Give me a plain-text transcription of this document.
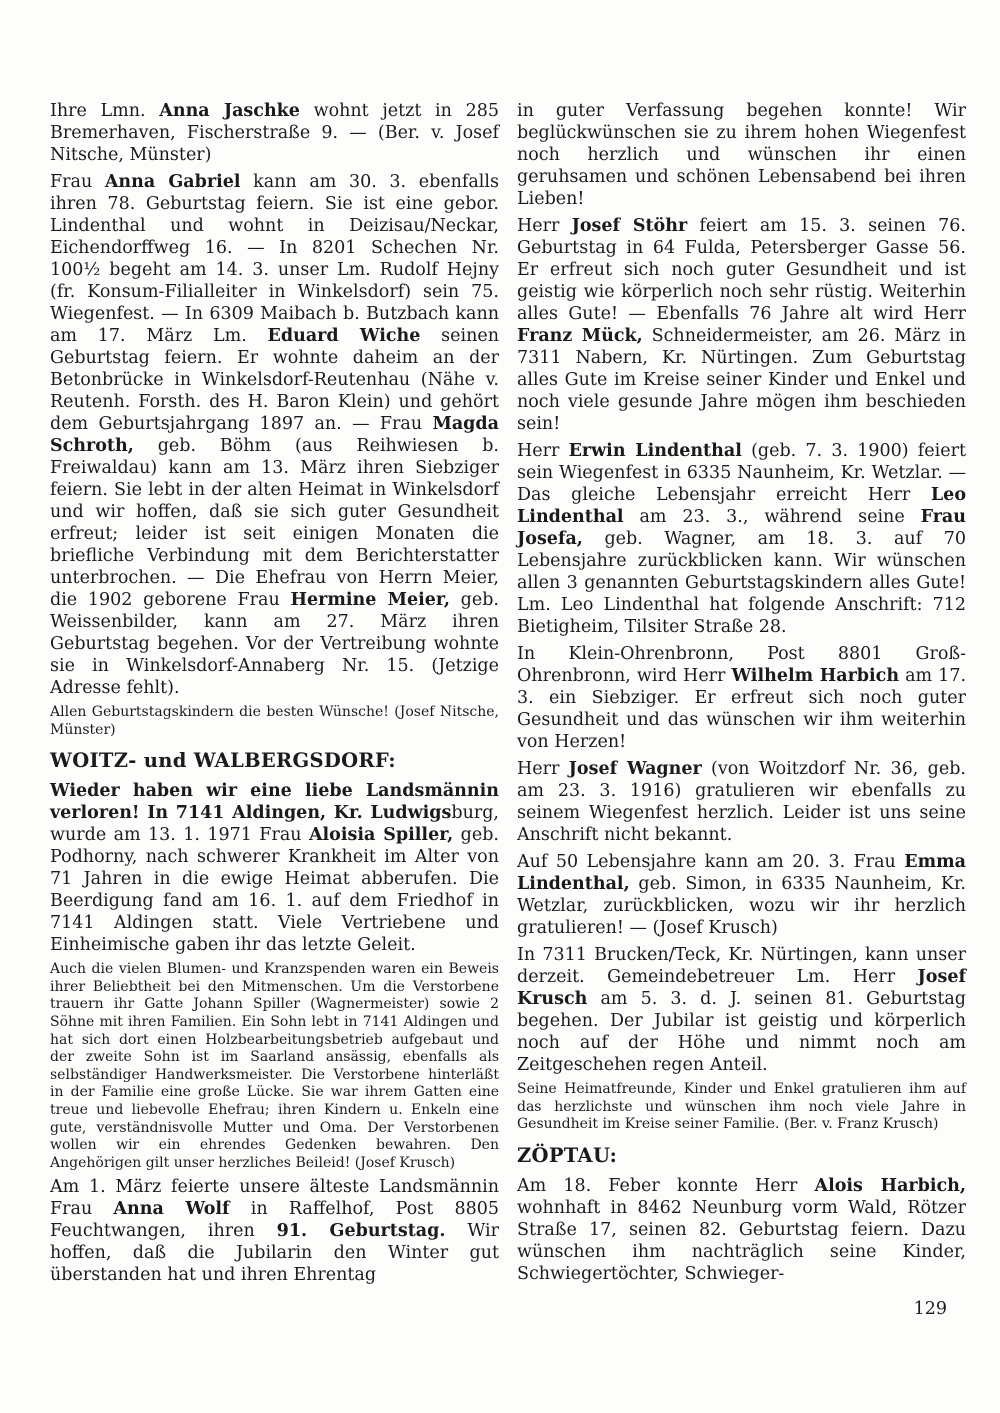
Ihre Lmn. Anna Jaschke wohnt jetzt in 285 Bremerhaven, Fischerstraße 9. — (Ber. v. Josef Nitsche, Münster)

Frau Anna Gabriel kann am 30. 3. ebenfalls ihren 78. Geburtstag feiern. Sie ist eine gebor. Lindenthal und wohnt in Deizisau/Neckar, Eichendorffweg 16. — In 8201 Schechen Nr. 100½ begeht am 14. 3. unser Lm. Rudolf Hejny (fr. Konsum-Filialleiter in Winkelsdorf) sein 75. Wiegenfest. — In 6309 Maibach b. Butzbach kann am 17. März Lm. Eduard Wiche seinen Geburtstag feiern. Er wohnte daheim an der Betonbrücke in Winkelsdorf-Reutenhau (Nähe v. Reutenh. Forsth. des H. Baron Klein) und gehört dem Geburtsjahrgang 1897 an. — Frau Magda Schroth, geb. Böhm (aus Reihwiesen b. Freiwaldau) kann am 13. März ihren Siebziger feiern. Sie lebt in der alten Heimat in Winkelsdorf und wir hoffen, daß sie sich guter Gesundheit erfreut; leider ist seit einigen Monaten die briefliche Verbindung mit dem Berichterstatter unterbrochen. — Die Ehefrau von Herrn Meier, die 1902 geborene Frau Hermine Meier, geb. Weissenbilder, kann am 27. März ihren Geburtstag begehen. Vor der Vertreibung wohnte sie in Winkelsdorf-Annaberg Nr. 15. (Jetzige Adresse fehlt).

Allen Geburtstagskindern die besten Wünsche! (Josef Nitsche, Münster)

WOITZ- und WALBERGSDORF:

Wieder haben wir eine liebe Landsmännin verloren! In 7141 Aldingen, Kr. Ludwigsburg, wurde am 13. 1. 1971 Frau Aloisia Spiller, geb. Podhorny, nach schwerer Krankheit im Alter von 71 Jahren in die ewige Heimat abberufen. Die Beerdigung fand am 16. 1. auf dem Friedhof in 7141 Aldingen statt. Viele Vertriebene und Einheimische gaben ihr das letzte Geleit.

Auch die vielen Blumen- und Kranzspenden waren ein Beweis ihrer Beliebtheit bei den Mitmenschen. Um die Verstorbene trauern ihr Gatte Johann Spiller (Wagnermeister) sowie 2 Söhne mit ihren Familien. Ein Sohn lebt in 7141 Aldingen und hat sich dort einen Holzbearbeitungsbetrieb aufgebaut und der zweite Sohn ist im Saarland ansässig, ebenfalls als selbständiger Handwerksmeister. Die Verstorbene hinterläßt in der Familie eine große Lücke. Sie war ihrem Gatten eine treue und liebevolle Ehefrau; ihren Kindern u. Enkeln eine gute, verständnisvolle Mutter und Oma. Der Verstorbenen wollen wir ein ehrendes Gedenken bewahren. Den Angehörigen gilt unser herzliches Beileid! (Josef Krusch)

Am 1. März feierte unsere älteste Landsmännin Frau Anna Wolf in Raffelhof, Post 8805 Feuchtwangen, ihren 91. Geburtstag. Wir hoffen, daß die Jubilarin den Winter gut überstanden hat und ihren Ehrentag

in guter Verfassung begehen konnte! Wir beglückwünschen sie zu ihrem hohen Wiegenfest noch herzlich und wünschen ihr einen geruhsamen und schönen Lebensabend bei ihren Lieben!

Herr Josef Stöhr feiert am 15. 3. seinen 76. Geburtstag in 64 Fulda, Petersberger Gasse 56. Er erfreut sich noch guter Gesundheit und ist geistig wie körperlich noch sehr rüstig. Weiterhin alles Gute! — Ebenfalls 76 Jahre alt wird Herr Franz Mück, Schneidermeister, am 26. März in 7311 Nabern, Kr. Nürtingen. Zum Geburtstag alles Gute im Kreise seiner Kinder und Enkel und noch viele gesunde Jahre mögen ihm beschieden sein!

Herr Erwin Lindenthal (geb. 7. 3. 1900) feiert sein Wiegenfest in 6335 Naunheim, Kr. Wetzlar. — Das gleiche Lebensjahr erreicht Herr Leo Lindenthal am 23. 3., während seine Frau Josefa, geb. Wagner, am 18. 3. auf 70 Lebensjahre zurückblicken kann. Wir wünschen allen 3 genannten Geburtstagskindern alles Gute! Lm. Leo Lindenthal hat folgende Anschrift: 712 Bietigheim, Tilsiter Straße 28.

In Klein-Ohrenbronn, Post 8801 Groß-Ohrenbronn, wird Herr Wilhelm Harbich am 17. 3. ein Siebziger. Er erfreut sich noch guter Gesundheit und das wünschen wir ihm weiterhin von Herzen!

Herr Josef Wagner (von Woitzdorf Nr. 36, geb. am 23. 3. 1916) gratulieren wir ebenfalls zu seinem Wiegenfest herzlich. Leider ist uns seine Anschrift nicht bekannt.

Auf 50 Lebensjahre kann am 20. 3. Frau Emma Lindenthal, geb. Simon, in 6335 Naunheim, Kr. Wetzlar, zurückblicken, wozu wir ihr herzlich gratulieren! — (Josef Krusch)

In 7311 Brucken/Teck, Kr. Nürtingen, kann unser derzeit. Gemeindebetreuer Lm. Herr Josef Krusch am 5. 3. d. J. seinen 81. Geburtstag begehen. Der Jubilar ist geistig und körperlich noch auf der Höhe und nimmt noch am Zeitgeschehen regen Anteil.

Seine Heimatfreunde, Kinder und Enkel gratulieren ihm auf das herzlichste und wünschen ihm noch viele Jahre in Gesundheit im Kreise seiner Familie. (Ber. v. Franz Krusch)

ZÖPTAU:

Am 18. Feber konnte Herr Alois Harbich, wohnhaft in 8462 Neunburg vorm Wald, Rötzer Straße 17, seinen 82. Geburtstag feiern. Dazu wünschen ihm nachträglich seine Kinder, Schwiegertöchter, Schwieger-

129
